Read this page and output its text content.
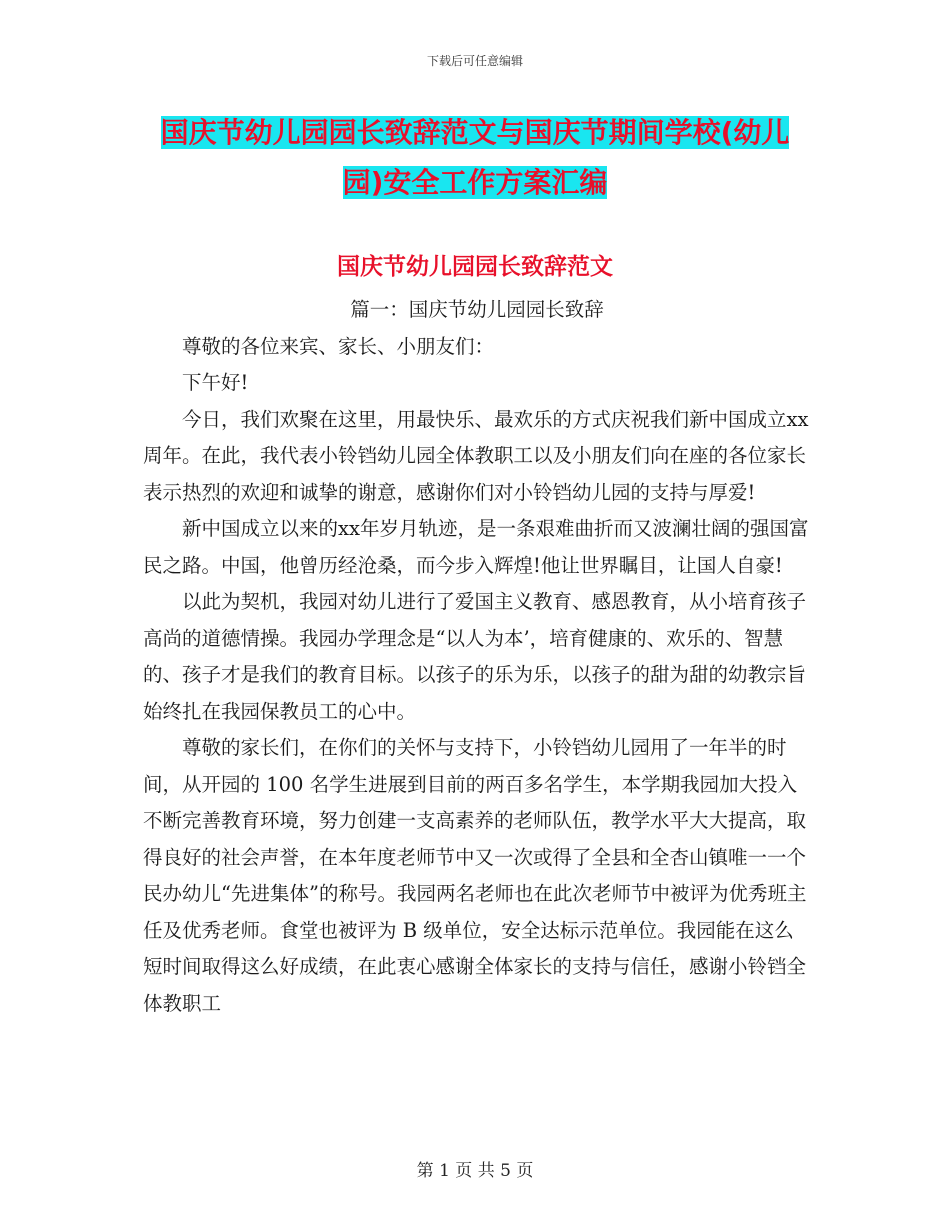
下载后可任意编辑
国庆节幼儿园园长致辞范文与国庆节期间学校(幼儿
园)安全工作方案汇编
国庆节幼儿园园长致辞范文

篇一：国庆节幼儿园园长致辞

尊敬的各位来宾、家长、小朋友们：

下午好!

今日，我们欢聚在这里，用最快乐、最欢乐的方式庆祝我们新中国成立xx周年。在此，我代表小铃铛幼儿园全体教职工以及小朋友们向在座的各位家长表示热烈的欢迎和诚挚的谢意，感谢你们对小铃铛幼儿园的支持与厚爱!

新中国成立以来的xx年岁月轨迹，是一条艰难曲折而又波澜壮阔的强国富民之路。中国，他曾历经沧桑，而今步入辉煌!他让世界瞩目，让国人自豪!

以此为契机，我园对幼儿进行了爱国主义教育、感恩教育，从小培育孩子高尚的道德情操。我园办学理念是“以人为本’，培育健康的、欢乐的、智慧的、孩子才是我们的教育目标。以孩子的乐为乐，以孩子的甜为甜的幼教宗旨始终扎在我园保教员工的心中。

尊敬的家长们，在你们的关怀与支持下，小铃铛幼儿园用了一年半的时间，从开园的 100 名学生进展到目前的两百多名学生，本学期我园加大投入不断完善教育环境，努力创建一支高素养的老师队伍，教学水平大大提高，取得良好的社会声誉，在本年度老师节中又一次或得了全县和全杏山镇唯一一个民办幼儿“先进集体”的称号。我园两名老师也在此次老师节中被评为优秀班主任及优秀老师。食堂也被评为 B 级单位，安全达标示范单位。我园能在这么短时间取得这么好成绩，在此衷心感谢全体家长的支持与信任，感谢小铃铛全体教职工

第 1 页 共 5 页
